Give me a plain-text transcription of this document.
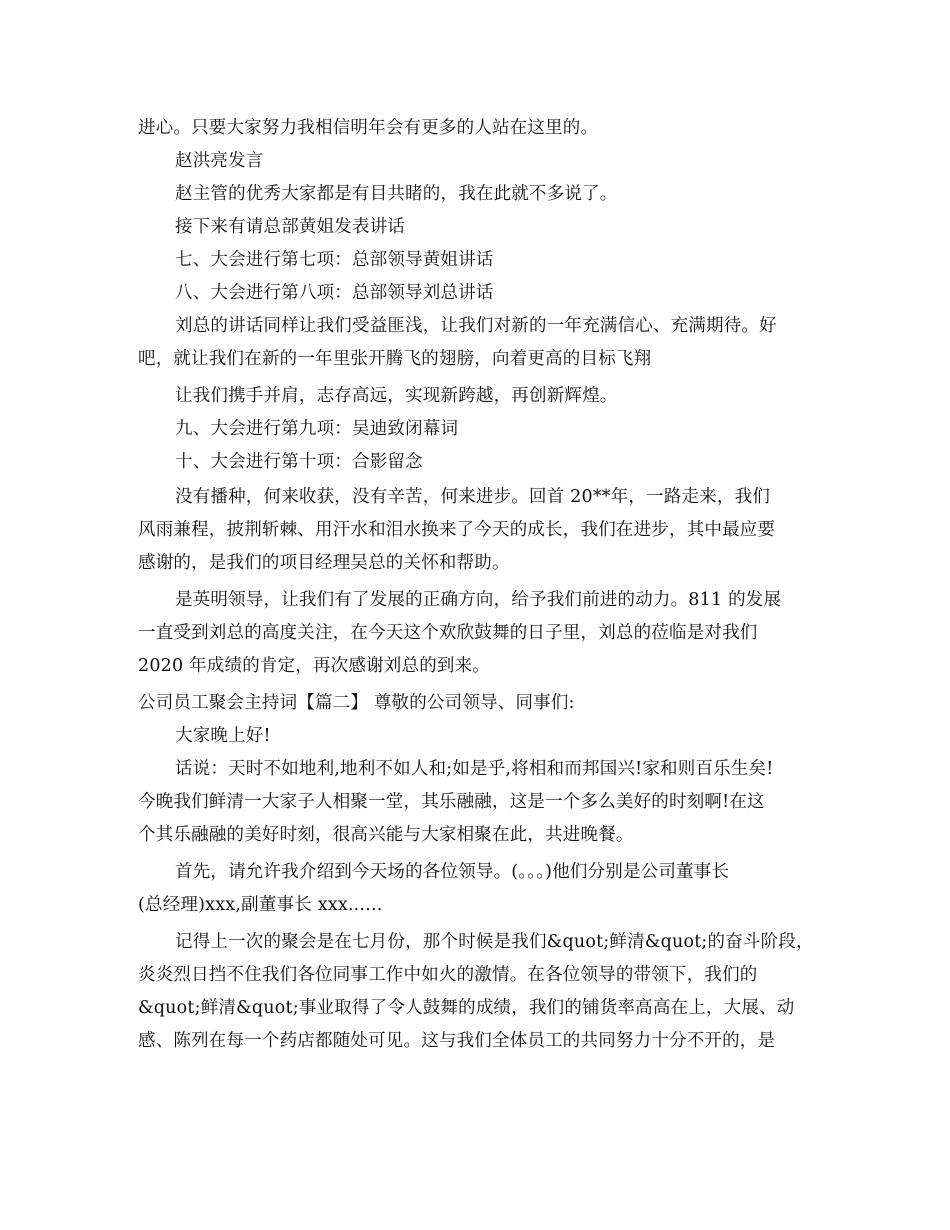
进心。只要大家努力我相信明年会有更多的人站在这里的。
赵洪亮发言
赵主管的优秀大家都是有目共睹的，我在此就不多说了。
接下来有请总部黄姐发表讲话
七、大会进行第七项：总部领导黄姐讲话
八、大会进行第八项：总部领导刘总讲话
刘总的讲话同样让我们受益匪浅，让我们对新的一年充满信心、充满期待。好
吧，就让我们在新的一年里张开腾飞的翅膀，向着更高的目标飞翔
让我们携手并肩，志存高远，实现新跨越，再创新辉煌。
九、大会进行第九项：吴迪致闭幕词
十、大会进行第十项：合影留念
没有播种，何来收获，没有辛苦，何来进步。回首 20**年，一路走来，我们
风雨兼程，披荆斩棘、用汗水和泪水换来了今天的成长，我们在进步，其中最应要
感谢的，是我们的项目经理吴总的关怀和帮助。
是英明领导，让我们有了发展的正确方向，给予我们前进的动力。811 的发展
一直受到刘总的高度关注，在今天这个欢欣鼓舞的日子里，刘总的莅临是对我们
2020 年成绩的肯定，再次感谢刘总的到来。
公司员工聚会主持词【篇二】 尊敬的公司领导、同事们:
大家晚上好!
话说：天时不如地利,地利不如人和;如是乎,将相和而邦国兴!家和则百乐生矣!
今晚我们鲜清一大家子人相聚一堂，其乐融融，这是一个多么美好的时刻啊!在这
个其乐融融的美好时刻，很高兴能与大家相聚在此，共进晚餐。
首先，请允许我介绍到今天场的各位领导。(。。。)他们分别是公司董事长
(总经理)xxx,副董事长 xxx......
记得上一次的聚会是在七月份，那个时候是我们&quot;鲜清&quot;的奋斗阶段，
炎炎烈日挡不住我们各位同事工作中如火的激情。在各位领导的带领下，我们的
&quot;鲜清&quot;事业取得了令人鼓舞的成绩，我们的铺货率高高在上，大展、动
感、陈列在每一个药店都随处可见。这与我们全体员工的共同努力十分不开的，是
